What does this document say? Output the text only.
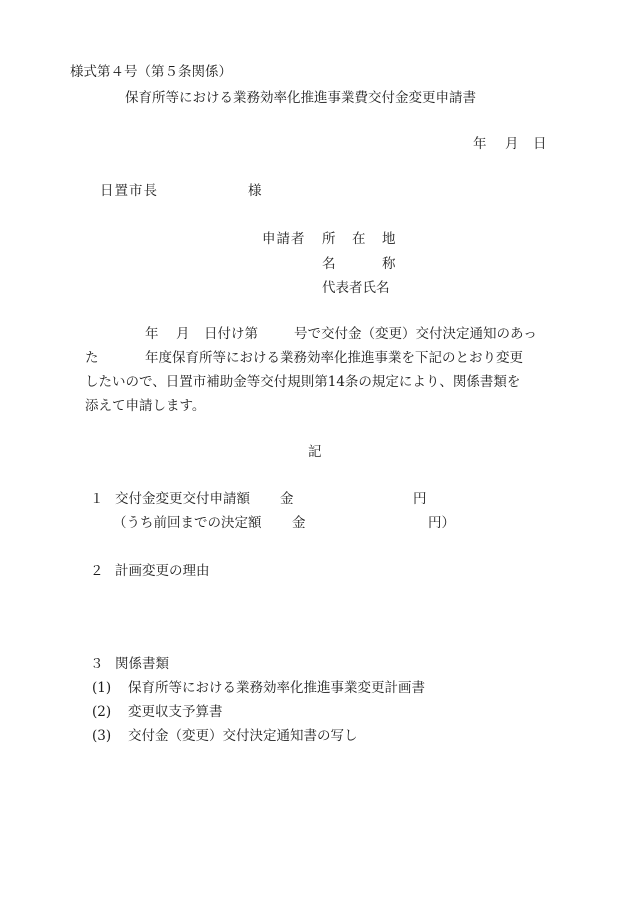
様式第４号（第５条関係）
保育所等における業務効率化推進事業費交付金変更申請書
年 月 日
日置市長	様
申請者 所 在 地
名	称
代表者氏名
年 月 日付け第	号で交付金（変更）交付決定通知のあっ
た	年度保育所等における業務効率化推進事業を下記のとおり変更
したいので、日置市補助金等交付規則第14条の規定により、関係書類を
添えて申請します。
記
１ 交付金変更交付申請額 金	円
（うち前回までの決定額 金	円）
２ 計画変更の理由
３ 関係書類
(1) 保育所等における業務効率化推進事業変更計画書
(2) 変更収支予算書
(3) 交付金（変更）交付決定通知書の写し
